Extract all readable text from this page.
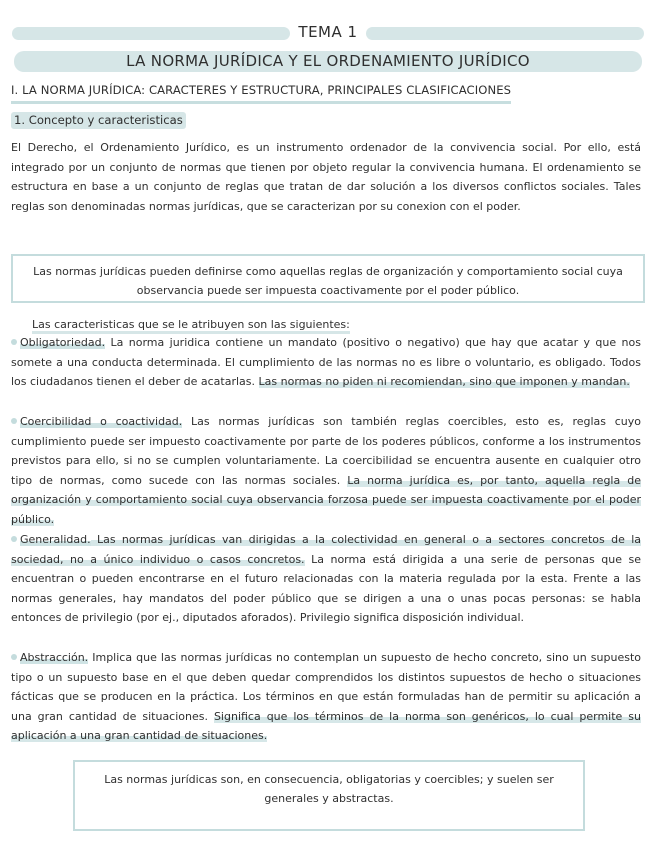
TEMA 1
LA NORMA JURÍDICA Y EL ORDENAMIENTO JURÍDICO
I. LA NORMA JURÍDICA: CARACTERES Y ESTRUCTURA, PRINCIPALES CLASIFICACIONES
1. Concepto y caracteristicas

El Derecho, el Ordenamiento Jurídico, es un instrumento ordenador de la convivencia social. Por ello, está integrado por un conjunto de normas que tienen por objeto regular la convivencia humana. El ordenamiento se estructura en base a un conjunto de reglas que tratan de dar solución a los diversos conflictos sociales. Tales reglas son denominadas normas jurídicas, que se caracterizan por su conexion con el poder.

Las normas jurídicas pueden definirse como aquellas reglas de organización y comportamiento social cuya observancia puede ser impuesta coactivamente por el poder público.
Las caracteristicas que se le atribuyen son las siguientes:

Obligatoriedad. La norma juridica contiene un mandato (positivo o negativo) que hay que acatar y que nos somete a una conducta determinada. El cumplimiento de las normas no es libre o voluntario, es obligado. Todos los ciudadanos tienen el deber de acatarlas. Las normas no piden ni recomiendan, sino que imponen y mandan.

Coercibilidad o coactividad. Las normas jurídicas son también reglas coercibles, esto es, reglas cuyo cumplimiento puede ser impuesto coactivamente por parte de los poderes públicos, conforme a los instrumentos previstos para ello, si no se cumplen voluntariamente. La coercibilidad se encuentra ausente en cualquier otro tipo de normas, como sucede con las normas sociales. La norma jurídica es, por tanto, aquella regla de organización y comportamiento social cuya observancia forzosa puede ser impuesta coactivamente por el poder público.

Generalidad. Las normas jurídicas van dirigidas a la colectividad en general o a sectores concretos de la sociedad, no a único individuo o casos concretos. La norma está dirigida a una serie de personas que se encuentran o pueden encontrarse en el futuro relacionadas con la materia regulada por la esta. Frente a las normas generales, hay mandatos del poder público que se dirigen a una o unas pocas personas: se habla entonces de privilegio (por ej., diputados aforados). Privilegio significa disposición individual.

Abstracción. Implica que las normas jurídicas no contemplan un supuesto de hecho concreto, sino un supuesto tipo o un supuesto base en el que deben quedar comprendidos los distintos supuestos de hecho o situaciones fácticas que se producen en la práctica. Los términos en que están formuladas han de permitir su aplicación a una gran cantidad de situaciones. Significa que los términos de la norma son genéricos, lo cual permite su aplicación a una gran cantidad de situaciones.

Las normas jurídicas son, en consecuencia, obligatorias y coercibles; y suelen ser generales y abstractas.
